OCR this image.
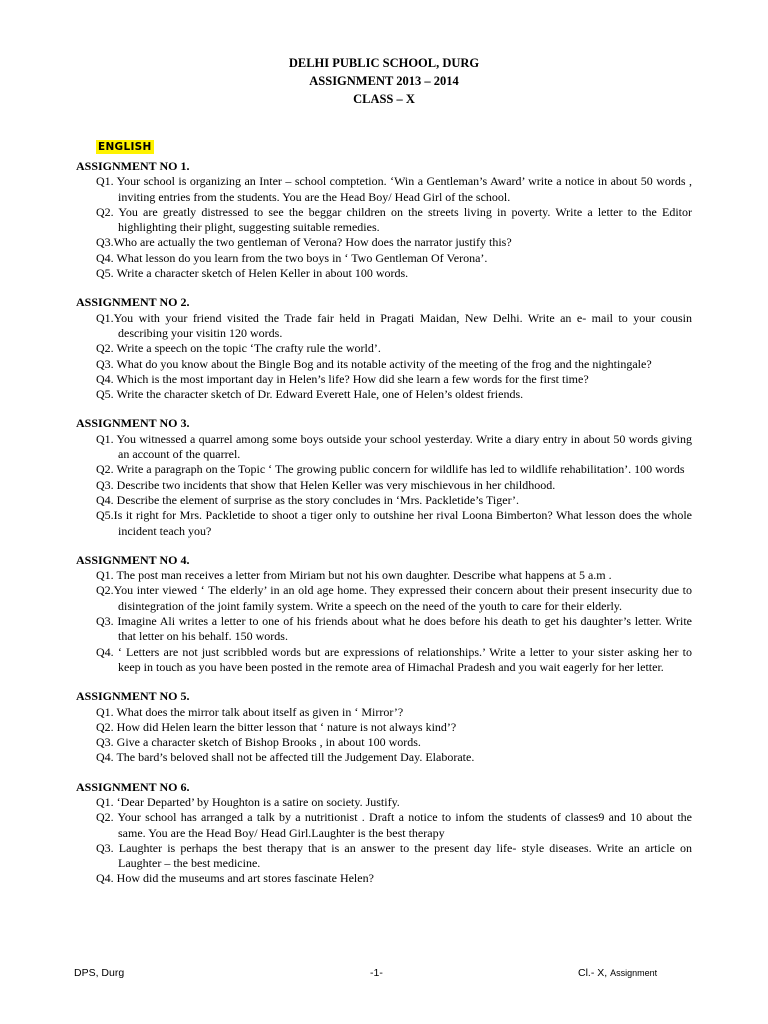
DELHI PUBLIC SCHOOL, DURG
ASSIGNMENT 2013 – 2014
CLASS – X
ENGLISH
ASSIGNMENT NO 1.
Q1. Your school is organizing an Inter – school comptetion. ‘Win a Gentleman’s Award’ write a notice in about 50 words , inviting entries from the students. You are the Head Boy/ Head Girl of the school.
Q2. You are greatly distressed to see the beggar children on the streets living in poverty. Write a letter to the Editor highlighting their plight, suggesting suitable remedies.
Q3.Who are actually the two gentleman of Verona? How does the narrator justify this?
Q4. What lesson do you learn from the two boys in ‘ Two Gentleman Of Verona’.
Q5. Write a character sketch of Helen Keller in about 100 words.
ASSIGNMENT NO 2.
Q1.You with your friend visited the Trade fair held in Pragati Maidan, New Delhi. Write an e- mail to your cousin describing your visitin 120 words.
Q2. Write a speech on the topic ‘The crafty rule the world’.
Q3. What do you know about the Bingle Bog and its notable activity of the meeting of the frog and the nightingale?
Q4. Which is the most important day in Helen’s life? How did she learn a few words for the first time?
Q5. Write the character sketch of Dr. Edward Everett Hale, one of Helen’s oldest friends.
ASSIGNMENT NO 3.
Q1. You witnessed a quarrel among some boys outside your school yesterday. Write a diary entry in about 50 words giving an account of the quarrel.
Q2. Write a paragraph on the Topic ‘ The growing public concern for wildlife has led to wildlife rehabilitation’. 100 words
Q3. Describe two incidents that show that Helen Keller was very mischievous in her childhood.
Q4. Describe the element of surprise as the story concludes in ‘Mrs. Packletide’s Tiger’.
Q5.Is it right for Mrs. Packletide to shoot a tiger only to outshine her rival Loona Bimberton? What lesson does the whole incident teach you?
ASSIGNMENT NO 4.
Q1. The post man receives a letter from Miriam but not his own daughter. Describe what happens at 5 a.m .
Q2.You inter viewed ‘ The elderly’ in an old age home. They expressed their concern about their present insecurity due to disintegration of the joint family system. Write a speech on the need of the youth to care for their elderly.
Q3. Imagine Ali writes a letter to one of his friends about what he does before his death to get his daughter’s letter. Write that letter on his behalf. 150 words.
Q4. ‘ Letters are not just scribbled words but are expressions of relationships.’ Write a letter to your sister asking her to keep in touch as you have been posted in the remote area of Himachal Pradesh and you wait eagerly for her letter.
ASSIGNMENT NO 5.
Q1. What does the mirror talk about itself as given in ‘ Mirror’?
Q2. How did Helen learn the bitter lesson that ‘ nature is not always kind’?
Q3. Give a character sketch of Bishop Brooks , in about 100 words.
Q4. The bard’s beloved shall not be affected till the Judgement Day. Elaborate.
ASSIGNMENT NO 6.
Q1. ‘Dear Departed’ by Houghton is a satire on society. Justify.
Q2. Your school has arranged a talk by a nutritionist . Draft a notice to infom the students of classes9 and 10 about the same. You are the Head Boy/ Head Girl.Laughter is the best therapy
Q3. Laughter is perhaps the best therapy that is an answer to the present day life- style diseases. Write an article on Laughter – the best medicine.
Q4. How did the museums and art stores fascinate Helen?
DPS, Durg	-1-	Cl.- X, Assignment
